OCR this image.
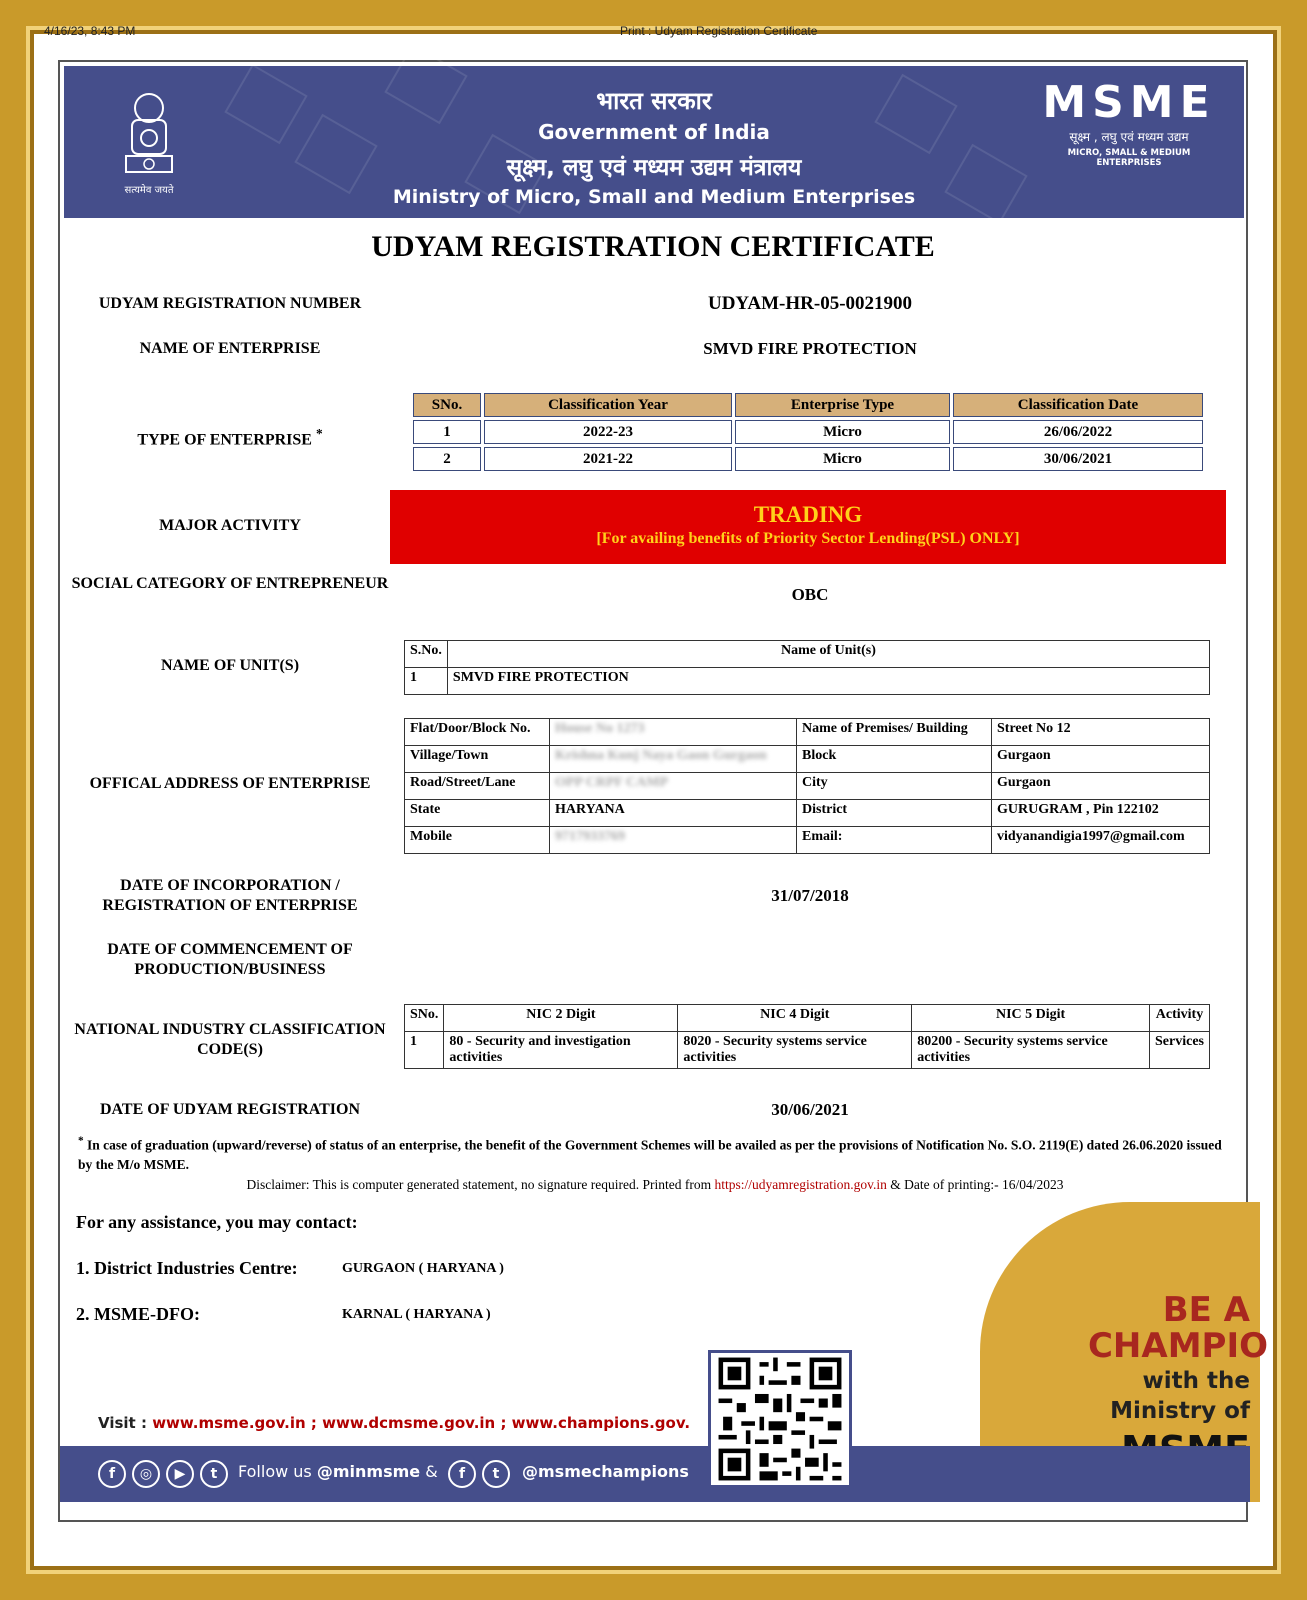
4/16/23, 8:43 PM	Print : Udyam Registration Certificate
सत्यमेव जयते
भारत सरकार
Government of India
सूक्ष्म, लघु एवं मध्यम उद्यम मंत्रालय
Ministry of Micro, Small and Medium Enterprises
MSME
सूक्ष्म , लघु एवं मध्यम उद्यम
MICRO, SMALL & MEDIUM ENTERPRISES
UDYAM REGISTRATION CERTIFICATE
UDYAM REGISTRATION NUMBER	UDYAM-HR-05-0021900
NAME OF ENTERPRISE	SMVD FIRE PROTECTION
TYPE OF ENTERPRISE *
SNo.	Classification Year	Enterprise Type	Classification Date
1	2022-23	Micro	26/06/2022
2	2021-22	Micro	30/06/2021
MAJOR ACTIVITY	TRADING
[For availing benefits of Priority Sector Lending(PSL) ONLY]
SOCIAL CATEGORY OF ENTREPRENEUR
OBC
NAME OF UNIT(S)
S.No.	Name of Unit(s)
1	SMVD FIRE PROTECTION
OFFICAL ADDRESS OF ENTERPRISE
Flat/Door/Block No.	House No 1273	Name of Premises/ Building	Street No 12
Village/Town	Krishna Kunj Naya Gaon Gurgaon	Block	Gurgaon
Road/Street/Lane	OPP CRPF CAMP	City	Gurgaon
State	HARYANA	District	GURUGRAM , Pin 122102
Mobile	9717933769	Email:	vidyanandigia1997@gmail.com
DATE OF INCORPORATION / REGISTRATION OF ENTERPRISE
31/07/2018
DATE OF COMMENCEMENT OF PRODUCTION/BUSINESS
NATIONAL INDUSTRY CLASSIFICATION CODE(S)
SNo.	NIC 2 Digit	NIC 4 Digit	NIC 5 Digit	Activity
1	80 - Security and investigation activities	8020 - Security systems service activities	80200 - Security systems service activities	Services
DATE OF UDYAM REGISTRATION	30/06/2021
* In case of graduation (upward/reverse) of status of an enterprise, the benefit of the Government Schemes will be availed as per the provisions of Notification No. S.O. 2119(E) dated 26.06.2020 issued by the M/o MSME.
Disclaimer: This is computer generated statement, no signature required. Printed from https://udyamregistration.gov.in & Date of printing:- 16/04/2023
For any assistance, you may contact:
1. District Industries Centre:	GURGAON ( HARYANA )
2. MSME-DFO:	KARNAL ( HARYANA )	BE A
CHAMPIO
with the
Ministry of
Visit : www.msme.gov.in ; www.dcmsme.gov.in ; www.champions.gov.
f	◎	▶	t	Follow us @minmsme &	f	t	@msmechampions
